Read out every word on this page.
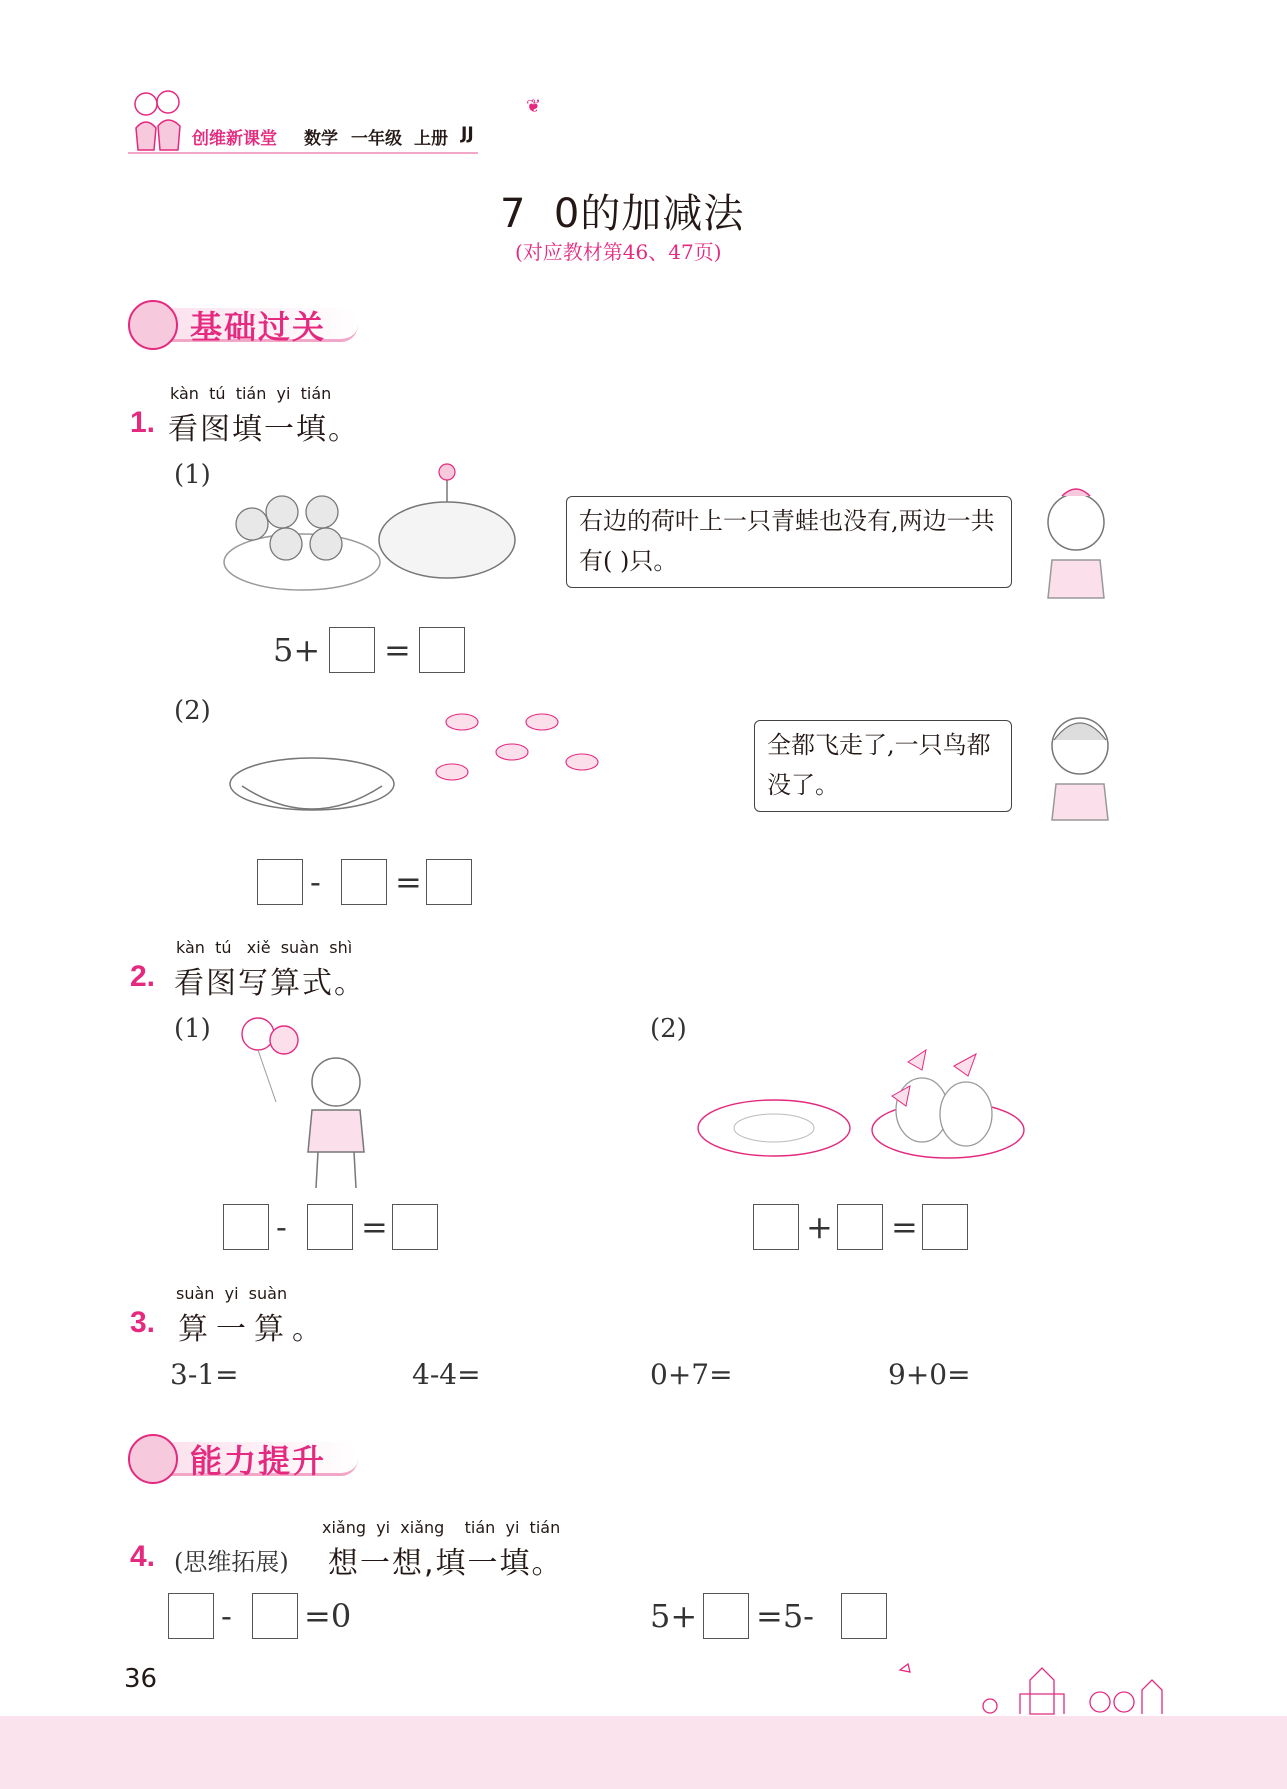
创维新课堂 数学 一年级 上册 JJ
❦
7  0的加减法
(对应教材第46、47页)
基础过关
kàn  tú  tián  yi  tián
1. 看图填一填。
(1)
右边的荷叶上一只青蛙也没有,两边一共有( )只。
5+ =
(2)
全都飞走了,一只鸟都没了。
- =
kàn  tú   xiě  suàn  shì
2. 看图写算式。
(1)
- =
(2)
+ =
suàn  yi  suàn
3. 算一算。
3-1=	4-4=	0+7=	9+0=
能力提升
xiǎng  yi  xiǎng    tián  yi  tián
4. (思维拓展) 想一想,填一填。
- =0	5+ =5-
36
